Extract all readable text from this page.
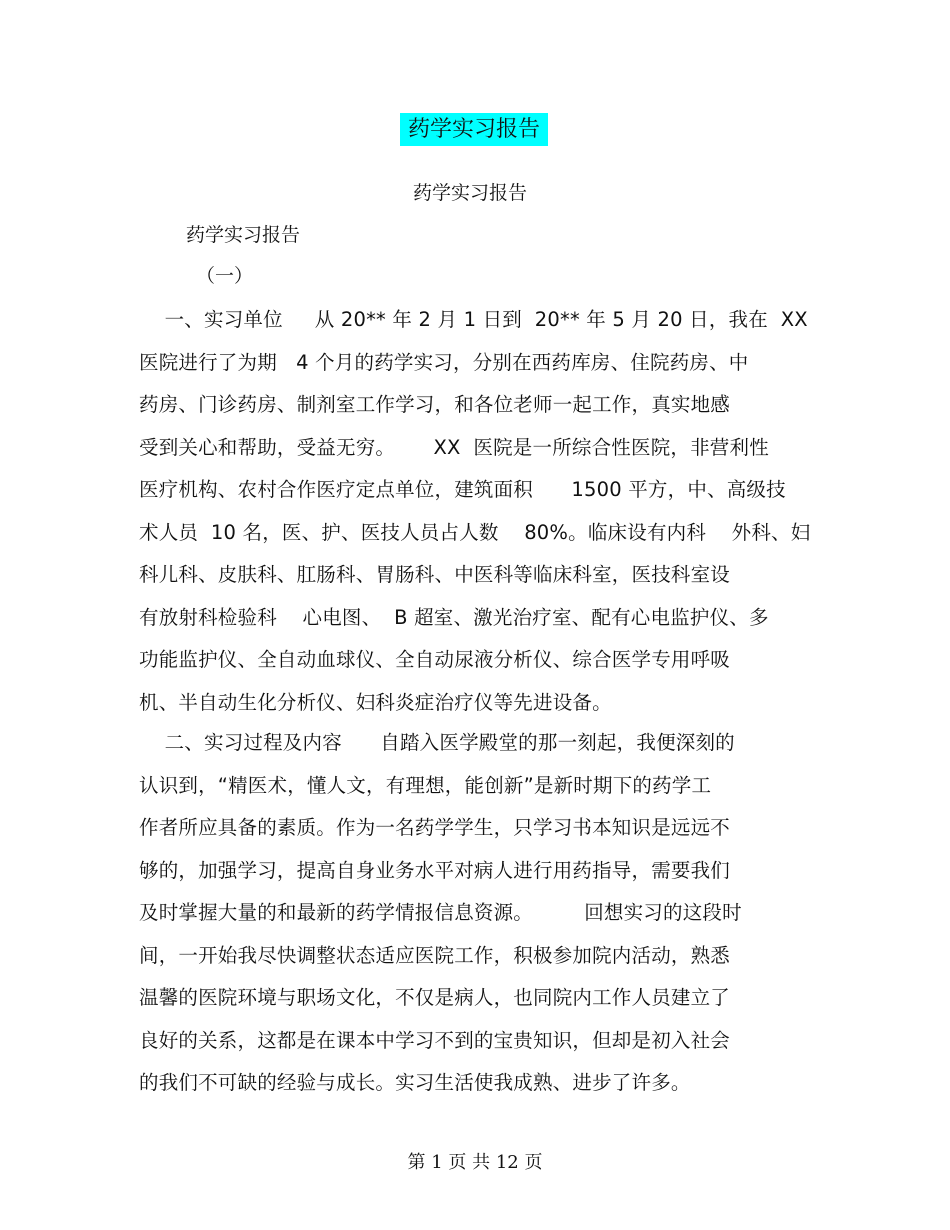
药学实习报告
药学实习报告
药学实习报告
（一）
一、实习单位     从 20** 年 2 月 1 日到  20** 年 5 月 20 日，我在  XX
医院进行了为期   4 个月的药学实习，分别在西药库房、住院药房、中
药房、门诊药房、制剂室工作学习，和各位老师一起工作，真实地感
受到关心和帮助，受益无穷。      XX  医院是一所综合性医院，非营利性
医疗机构、农村合作医疗定点单位，建筑面积      1500 平方，中、高级技
术人员  10 名，医、护、医技人员占人数    80%。临床设有内科    外科、妇
科儿科、皮肤科、肛肠科、胃肠科、中医科等临床科室，医技科室设
有放射科检验科    心电图、  B 超室、激光治疗室、配有心电监护仪、多
功能监护仪、全自动血球仪、全自动尿液分析仪、综合医学专用呼吸
机、半自动生化分析仪、妇科炎症治疗仪等先进设备。
二、实习过程及内容      自踏入医学殿堂的那一刻起，我便深刻的
认识到，“精医术，懂人文，有理想，能创新”是新时期下的药学工
作者所应具备的素质。作为一名药学学生，只学习书本知识是远远不
够的，加强学习，提高自身业务水平对病人进行用药指导，需要我们
及时掌握大量的和最新的药学情报信息资源。        回想实习的这段时
间，一开始我尽快调整状态适应医院工作，积极参加院内活动，熟悉
温馨的医院环境与职场文化，不仅是病人，也同院内工作人员建立了
良好的关系，这都是在课本中学习不到的宝贵知识，但却是初入社会
的我们不可缺的经验与成长。实习生活使我成熟、进步了许多。
第 1 页 共 12 页
